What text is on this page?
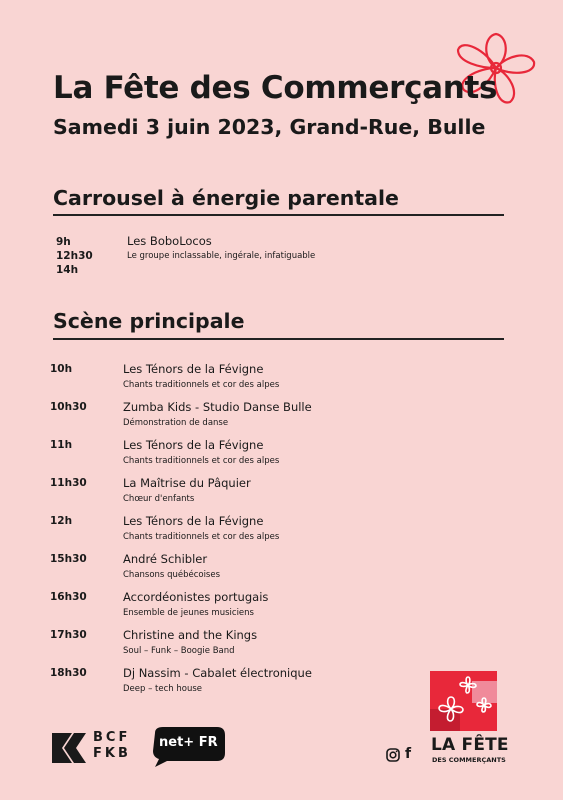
La Fête des Commerçants
Samedi 3 juin 2023, Grand-Rue, Bulle
Carrousel à énergie parentale
9h
12h30
14h
Les BoboLocos
Le groupe inclassable, ingérale, infatiguable
Scène principale
10h	Les Ténors de la Févigne
Chants traditionnels et cor des alpes
10h30	Zumba Kids - Studio Danse Bulle
Démonstration de danse
11h	Les Ténors de la Févigne
Chants traditionnels et cor des alpes
11h30	La Maîtrise du Pâquier
Chœur d'enfants
12h	Les Ténors de la Févigne
Chants traditionnels et cor des alpes
15h30	André Schibler
Chansons québécoises
16h30	Accordéonistes portugais
Ensemble de jeunes musiciens
17h30	Christine and the Kings
Soul – Funk – Boogie Band
18h30	Dj Nassim - Cabalet électronique
Deep – tech house
BCF
FKB
net+ FR
f LA FÊTE
DES COMMERÇANTS
